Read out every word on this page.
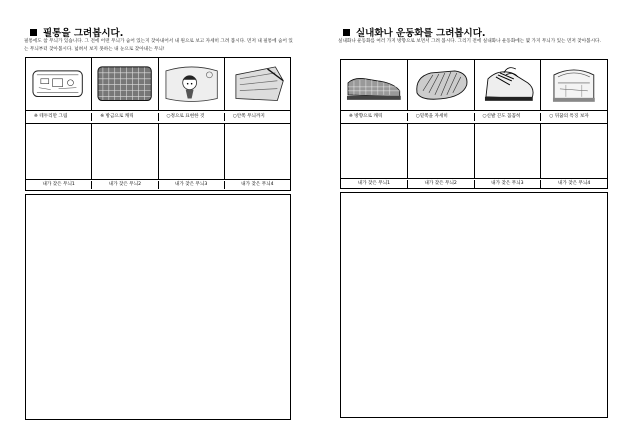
필통을 그려봅시다.
필통에도 참 무늬가 있습니다. 그 전에 어떤 무늬가 숨어 있는지 찾아내어서 내 원으로 보고 자세히 그려 봅시다. 먼저 내 필통에 숨어 있는 무늬부터 찾아봅시다. 넓혀서 보지 못하는 내 눈으로 찾아내는 무늬!
※ 테두리만 그림	※ 방금으로 캐릭	○정으로 표현한 것	○안쪽 무늬까지
내가 찾은 무늬1	내가 찾은 무늬2	내가 찾은 무늬3	내가 찾은 무늬4
실내화나 운동화를 그려봅시다.
실내화나 운동화를 여러 가지 방향으로 보면서 그려 봅시다. 그리기 전에 실내화나 운동화에는 몇 가지 무늬가 있는 먼저 찾아봅시다.
※ 방향으로 캐릭	○밑쪽을 자세히	○신발 끈도 꼼꼼히	○ 뒤꿈의 특징 보자
내가 찾은 무늬1	내가 찾은 무늬2	내가 찾은 무늬3	내가 찾은 무늬4
